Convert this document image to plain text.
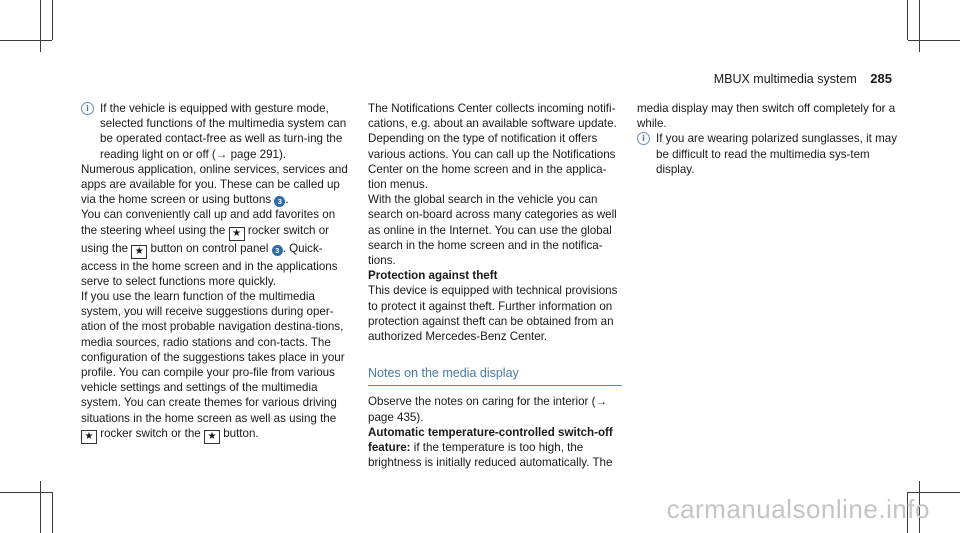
MBUX multimedia system 285

i If the vehicle is equipped with gesture mode, selected functions of the multimedia system can be operated contact-free as well as turn-ing the reading light on or off (→ page 291).

Numerous application, online services, services and apps are available for you. These can be called up via the home screen or using buttons 3 .

You can conveniently call up and add favorites on the steering wheel using the ★ rocker switch or using the ★ button on control panel 3 . Quick-access in the home screen and in the applications serve to select functions more quickly.

If you use the learn function of the multimedia system, you will receive suggestions during oper-ation of the most probable navigation destina-tions, media sources, radio stations and con-tacts. The configuration of the suggestions takes place in your profile. You can compile your pro-file from various vehicle settings and settings of the multimedia system. You can create themes for various driving situations in the home screen as well as using the ★ rocker switch or the ★ button.

The Notifications Center collects incoming notifi-cations, e.g. about an available software update. Depending on the type of notification it offers various actions. You can call up the Notifications Center on the home screen and in the applica-tion menus.

With the global search in the vehicle you can search on-board across many categories as well as online in the Internet. You can use the global search in the home screen and in the notifica-tions.

Protection against theft

This device is equipped with technical provisions to protect it against theft. Further information on protection against theft can be obtained from an authorized Mercedes-Benz Center.

Notes on the media display

Observe the notes on caring for the interior (→ page 435).

Automatic temperature-controlled switch-off feature: if the temperature is too high, the brightness is initially reduced automatically. The

media display may then switch off completely for a while.

i If you are wearing polarized sunglasses, it may be difficult to read the multimedia sys-tem display.

carmanualsonline.info
